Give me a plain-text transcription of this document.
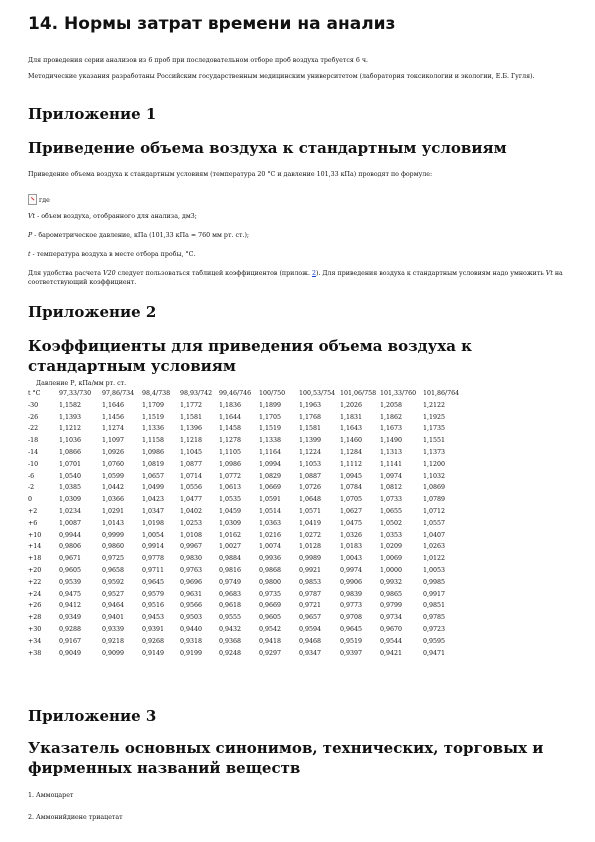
14. Нормы затрат времени на анализ

Для проведения серии анализов из 6 проб при последовательном отборе проб воздуха требуется 6 ч.

Методические указания разработаны Российским государственным медицинским университетом (лаборатория токсикологии и экологии, Е.Б. Гугля).

Приложение 1
Приведение объема воздуха к стандартным условиям

Приведение объема воздуха к стандартным условиям (температура 20 °С и давление 101,33 кПа) проводят по формуле:

где

Vt - объем воздуха, отобранного для анализа, дм3;

Р - барометрическое давление, кПа (101,33 кПа = 760 мм рт. ст.);

t - температура воздуха в месте отбора пробы, °С.

Для удобства расчета V20 следует пользоваться таблицей коэффициентов (прилож. 2). Для приведения воздуха к стандартным условиям надо умножить Vt на соответствующий коэффициент.

Приложение 2
Коэффициенты для приведения объема воздуха к стандартным условиям

Давление Р, кПа/мм рт. ст.

t °С	97,33/730	97,86/734	98,4/738	98,93/742	99,46/746	100/750	100,53/754	101,06/758	101,33/760	101,86/764
-30	1,1582	1,1646	1,1709	1,1772	1,1836	1,1899	1,1963	1,2026	1,2058	1,2122
-26	1,1393	1,1456	1,1519	1,1581	1,1644	1,1705	1,1768	1,1831	1,1862	1,1925
-22	1,1212	1,1274	1,1336	1,1396	1,1458	1,1519	1,1581	1,1643	1,1673	1,1735
-18	1,1036	1,1097	1,1158	1,1218	1,1278	1,1338	1,1399	1,1460	1,1490	1,1551
-14	1,0866	1,0926	1,0986	1,1045	1,1105	1,1164	1,1224	1,1284	1,1313	1,1373
-10	1,0701	1,0760	1,0819	1,0877	1,0986	1,0994	1,1053	1,1112	1,1141	1,1200
-6	1,0540	1,0599	1,0657	1,0714	1,0772	1,0829	1,0887	1,0945	1,0974	1,1032
-2	1,0385	1,0442	1,0499	1,0556	1,0613	1,0669	1,0726	1,0784	1,0812	1,0869
0	1,0309	1,0366	1,0423	1,0477	1,0535	1,0591	1,0648	1,0705	1,0733	1,0789
+2	1,0234	1,0291	1,0347	1,0402	1,0459	1,0514	1,0571	1,0627	1,0655	1,0712
+6	1,0087	1,0143	1,0198	1,0253	1,0309	1,0363	1,0419	1,0475	1,0502	1,0557
+10	0,9944	0,9999	1,0054	1,0108	1,0162	1,0216	1,0272	1,0326	1,0353	1,0407
+14	0,9806	0,9860	0,9914	0,9967	1,0027	1,0074	1,0128	1,0183	1,0209	1,0263
+18	0,9671	0,9725	0,9778	0,9830	0,9884	0,9936	0,9989	1,0043	1,0069	1,0122
+20	0,9605	0,9658	0,9711	0,9763	0,9816	0,9868	0,9921	0,9974	1,0000	1,0053
+22	0,9539	0,9592	0,9645	0,9696	0,9749	0,9800	0,9853	0,9906	0,9932	0,9985
+24	0,9475	0,9527	0,9579	0,9631	0,9683	0,9735	0,9787	0,9839	0,9865	0,9917
+26	0,9412	0,9464	0,9516	0,9566	0,9618	0,9669	0,9721	0,9773	0,9799	0,9851
+28	0,9349	0,9401	0,9453	0,9503	0,9555	0,9605	0,9657	0,9708	0,9734	0,9785
+30	0,9288	0,9339	0,9391	0,9440	0,9432	0,9542	0,9594	0,9645	0,9670	0,9723
+34	0,9167	0,9218	0,9268	0,9318	0,9368	0,9418	0,9468	0,9519	0,9544	0,9595
+38	0,9049	0,9099	0,9149	0,9199	0,9248	0,9297	0,9347	0,9397	0,9421	0,9471
Приложение 3
Указатель основных синонимов, технических, торговых и фирменных названий веществ

1. Аммоцарет

2. Аммонийдиене триацетат
